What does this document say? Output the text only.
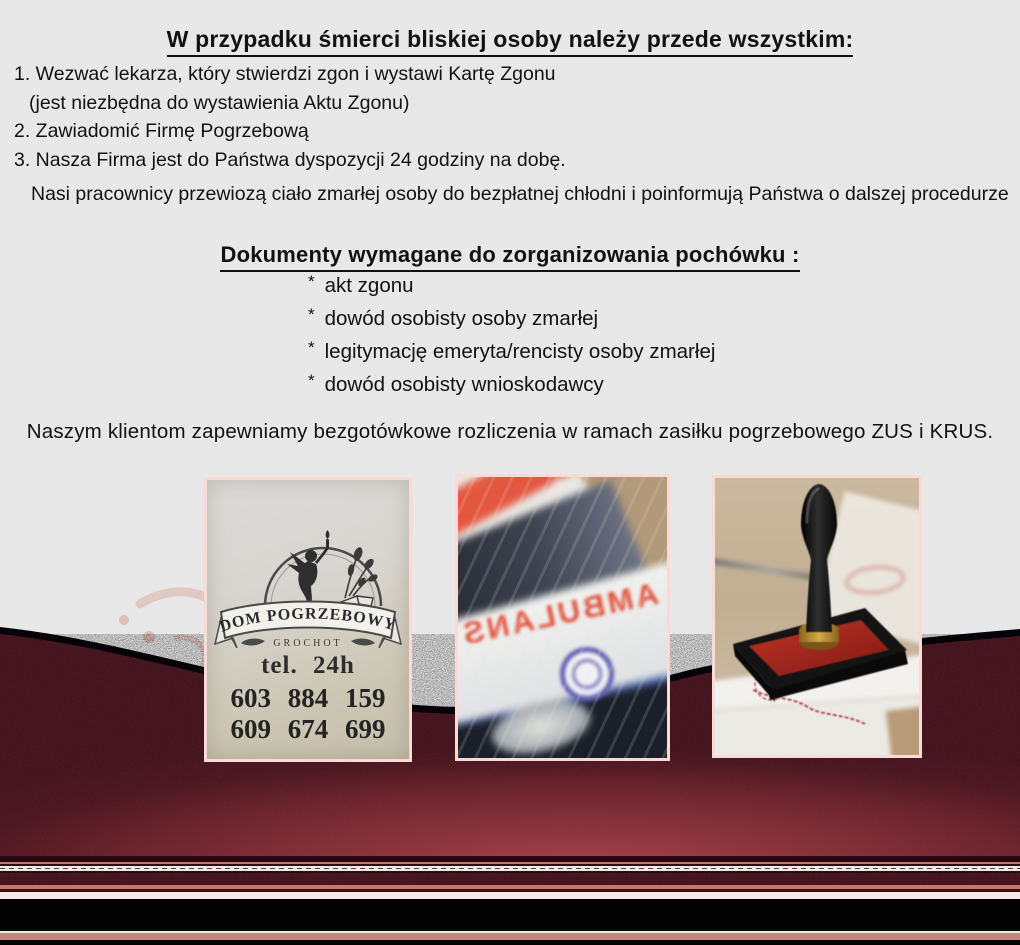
W przypadku śmierci bliskiej osoby należy przede wszystkim:
1. Wezwać lekarza, który stwierdzi zgon i wystawi Kartę Zgonu
(jest niezbędna do wystawienia Aktu Zgonu)
2. Zawiadomić Firmę Pogrzebową
3. Nasza Firma jest do Państwa dyspozycji 24 godziny na dobę.
Nasi pracownicy przewiozą ciało zmarłej osoby do bezpłatnej chłodni i poinformują Państwa o dalszej procedurze
Dokumenty wymagane do zorganizowania pochówku :
* akt zgonu
* dowód osobisty osoby zmarłej
* legitymację emeryta/rencisty osoby zmarłej
* dowód osobisty wnioskodawcy
Naszym klientom zapewniamy bezgotówkowe rozliczenia w ramach zasiłku pogrzebowego ZUS i KRUS.
DOM POGRZEBOWY
GROCHOT
tel. 24h
603 884 159
609 674 699
